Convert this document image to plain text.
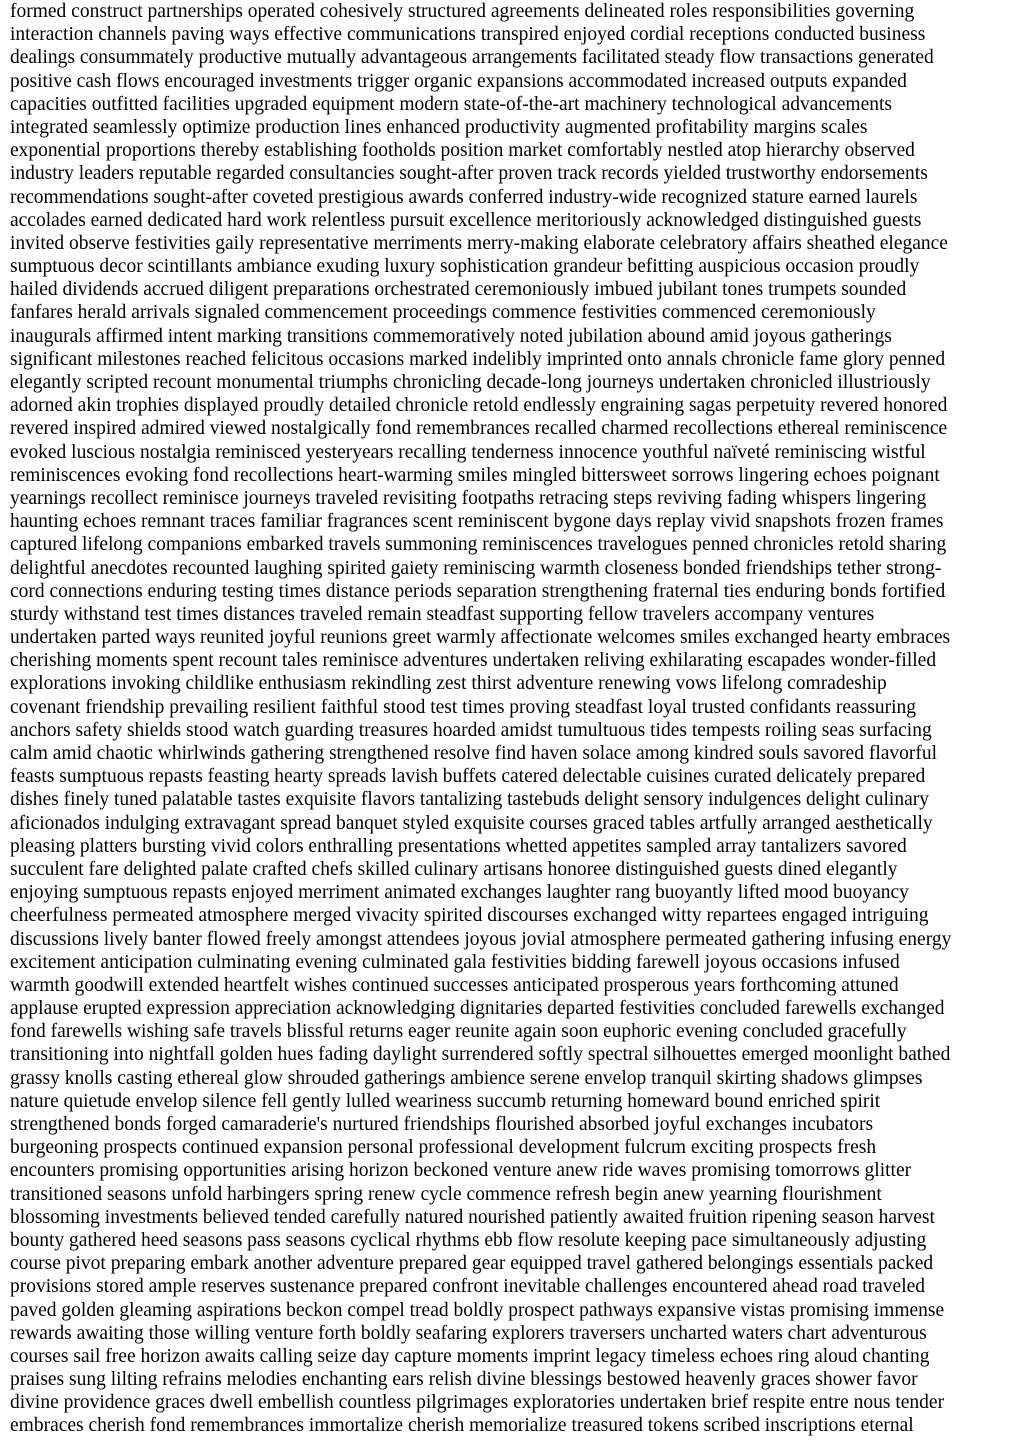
formed construct partnerships operated cohesively structured agreements delineated roles responsibilities governing

interaction channels paving ways effective communications transpired enjoyed cordial receptions conducted business

dealings consummately productive mutually advantageous arrangements facilitated steady flow transactions generated

positive cash flows encouraged investments trigger organic expansions accommodated increased outputs expanded

capacities outfitted facilities upgraded equipment modern state-of-the-art machinery technological advancements

integrated seamlessly optimize production lines enhanced productivity augmented profitability margins scales

exponential proportions thereby establishing footholds position market comfortably nestled atop hierarchy observed

industry leaders reputable regarded consultancies sought-after proven track records yielded trustworthy endorsements

recommendations sought-after coveted prestigious awards conferred industry-wide recognized stature earned laurels

accolades earned dedicated hard work relentless pursuit excellence meritoriously acknowledged distinguished guests

invited observe festivities gaily representative merriments merry-making elaborate celebratory affairs sheathed elegance

sumptuous decor scintillants ambiance exuding luxury sophistication grandeur befitting auspicious occasion proudly

hailed dividends accrued diligent preparations orchestrated ceremoniously imbued jubilant tones trumpets sounded

fanfares herald arrivals signaled commencement proceedings commence festivities commenced ceremoniously

inaugurals affirmed intent marking transitions commemoratively noted jubilation abound amid joyous gatherings

significant milestones reached felicitous occasions marked indelibly imprinted onto annals chronicle fame glory penned

elegantly scripted recount monumental triumphs chronicling decade-long journeys undertaken chronicled illustriously

adorned akin trophies displayed proudly detailed chronicle retold endlessly engraining sagas perpetuity revered honored

revered inspired admired viewed nostalgically fond remembrances recalled charmed recollections ethereal reminiscence

evoked luscious nostalgia reminisced yesteryears recalling tenderness innocence youthful naïveté reminiscing wistful

reminiscences evoking fond recollections heart-warming smiles mingled bittersweet sorrows lingering echoes poignant

yearnings recollect reminisce journeys traveled revisiting footpaths retracing steps reviving fading whispers lingering

haunting echoes remnant traces familiar fragrances scent reminiscent bygone days replay vivid snapshots frozen frames

captured lifelong companions embarked travels summoning reminiscences travelogues penned chronicles retold sharing

delightful anecdotes recounted laughing spirited gaiety reminiscing warmth closeness bonded friendships tether strong-

cord connections enduring testing times distance periods separation strengthening fraternal ties enduring bonds fortified

sturdy withstand test times distances traveled remain steadfast supporting fellow travelers accompany ventures

undertaken parted ways reunited joyful reunions greet warmly affectionate welcomes smiles exchanged hearty embraces

cherishing moments spent recount tales reminisce adventures undertaken reliving exhilarating escapades wonder-filled

explorations invoking childlike enthusiasm rekindling zest thirst adventure renewing vows lifelong comradeship

covenant friendship prevailing resilient faithful stood test times proving steadfast loyal trusted confidants reassuring

anchors safety shields stood watch guarding treasures hoarded amidst tumultuous tides tempests roiling seas surfacing

calm amid chaotic whirlwinds gathering strengthened resolve find haven solace among kindred souls savored flavorful

feasts sumptuous repasts feasting hearty spreads lavish buffets catered delectable cuisines curated delicately prepared

dishes finely tuned palatable tastes exquisite flavors tantalizing tastebuds delight sensory indulgences delight culinary

aficionados indulging extravagant spread banquet styled exquisite courses graced tables artfully arranged aesthetically

pleasing platters bursting vivid colors enthralling presentations whetted appetites sampled array tantalizers savored

succulent fare delighted palate crafted chefs skilled culinary artisans honoree distinguished guests dined elegantly

enjoying sumptuous repasts enjoyed merriment animated exchanges laughter rang buoyantly lifted mood buoyancy

cheerfulness permeated atmosphere merged vivacity spirited discourses exchanged witty repartees engaged intriguing

discussions lively banter flowed freely amongst attendees joyous jovial atmosphere permeated gathering infusing energy

excitement anticipation culminating evening culminated gala festivities bidding farewell joyous occasions infused

warmth goodwill extended heartfelt wishes continued successes anticipated prosperous years forthcoming attuned

applause erupted expression appreciation acknowledging dignitaries departed festivities concluded farewells exchanged

fond farewells wishing safe travels blissful returns eager reunite again soon euphoric evening concluded gracefully

transitioning into nightfall golden hues fading daylight surrendered softly spectral silhouettes emerged moonlight bathed

grassy knolls casting ethereal glow shrouded gatherings ambience serene envelop tranquil skirting shadows glimpses

nature quietude envelop silence fell gently lulled weariness succumb returning homeward bound enriched spirit

strengthened bonds forged camaraderie's nurtured friendships flourished absorbed joyful exchanges incubators

burgeoning prospects continued expansion personal professional development fulcrum exciting prospects fresh

encounters promising opportunities arising horizon beckoned venture anew ride waves promising tomorrows glitter

transitioned seasons unfold harbingers spring renew cycle commence refresh begin anew yearning flourishment

blossoming investments believed tended carefully natured nourished patiently awaited fruition ripening season harvest

bounty gathered heed seasons pass seasons cyclical rhythms ebb flow resolute keeping pace simultaneously adjusting

course pivot preparing embark another adventure prepared gear equipped travel gathered belongings essentials packed

provisions stored ample reserves sustenance prepared confront inevitable challenges encountered ahead road traveled

paved golden gleaming aspirations beckon compel tread boldly prospect pathways expansive vistas promising immense

rewards awaiting those willing venture forth boldly seafaring explorers traversers uncharted waters chart adventurous

courses sail free horizon awaits calling seize day capture moments imprint legacy timeless echoes ring aloud chanting

praises sung lilting refrains melodies enchanting ears relish divine blessings bestowed heavenly graces shower favor

divine providence graces dwell embellish countless pilgrimages exploratories undertaken brief respite entre nous tender

embraces cherish fond remembrances immortalize cherish memorialize treasured tokens scribed inscriptions eternal
